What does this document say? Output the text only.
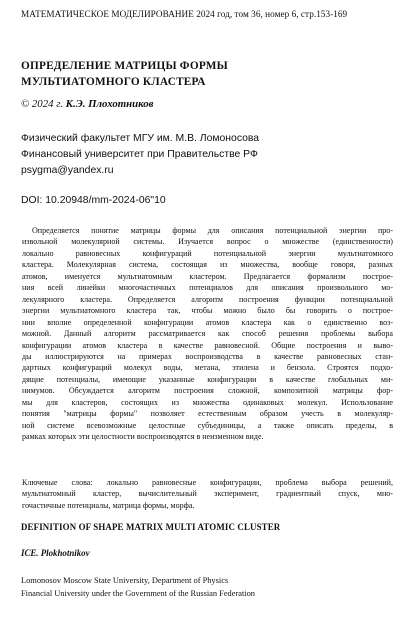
МАТЕМАТИЧЕСКОЕ МОДЕЛИРОВАНИЕ 2024 год, том 36, номер 6, стр.153-169
ОПРЕДЕЛЕНИЕ МАТРИЦЫ ФОРМЫ
МУЛЬТИАТОМНОГО КЛАСТЕРА
© 2024 г. К.Э. Плохотников
Физический факультет МГУ им. М.В. Ломоносова
Финансовый университет при Правительстве РФ
psygma@yandex.ru
DOI: 10.20948/mm-2024-06"10
Определяется понятие матрицы формы для описания потенциальной энергии про-
извольной молекулярной системы. Изучается вопрос о множестве (единственности)
локально равновесных конфигураций потенциальной энергии мультиатомного
кластера. Молекулярная система, состоящая из множества, вообще говоря, разных
атомов, именуется мультиатомным кластером. Предлагается формализм построе-
ния всей линейки многочастичных потенциалов для описания произвольного мо-
лекулярного кластера. Определяется алгоритм построения функции потенциальной
энергии мультиатомного кластера так, чтобы можно было бы говорить о построе-
нии вполне определенной конфигурации атомов кластера как о единственно воз-
можной. Данный алгоритм рассматривается как способ решения проблемы выбора
конфигурации атомов кластера в качестве равновесной. Общие построения и выво-
ды иллюстрируются на примерах воспроизводства в качестве равновесных стан-
дартных конфигураций молекул воды, метана, этилена и бензола. Строятся подхо-
дящие потенциалы, имеющие указанные конфигурации в качестве глобальных ми-
нимумов. Обсуждается алгоритм построения сложной, композитной матрицы фор-
мы для кластеров, состоящих из множества одинаковых молекул. Использование
понятия "матрицы формы" позволяет естественным образом учесть в молекуляр-
ной системе всевозможные целостные субъединицы, а также описать пределы, в
рамках которых эти целостности воспроизводятся в неизменном виде.
Ключевые слова: локально равновесные конфигурации, проблема выбора решений,
мультиатомный кластер, вычислительный эксперимент, градиентный спуск, мно-
гочастичные потенциалы, матрица формы, морфа.
DEFINITION OF SHAPE MATRIX MULTI ATOMIC CLUSTER
ICE. Plokhotnikov
Lomonosov Moscow State University, Department of Physics
Financial University under the Government of the Russian Federation
